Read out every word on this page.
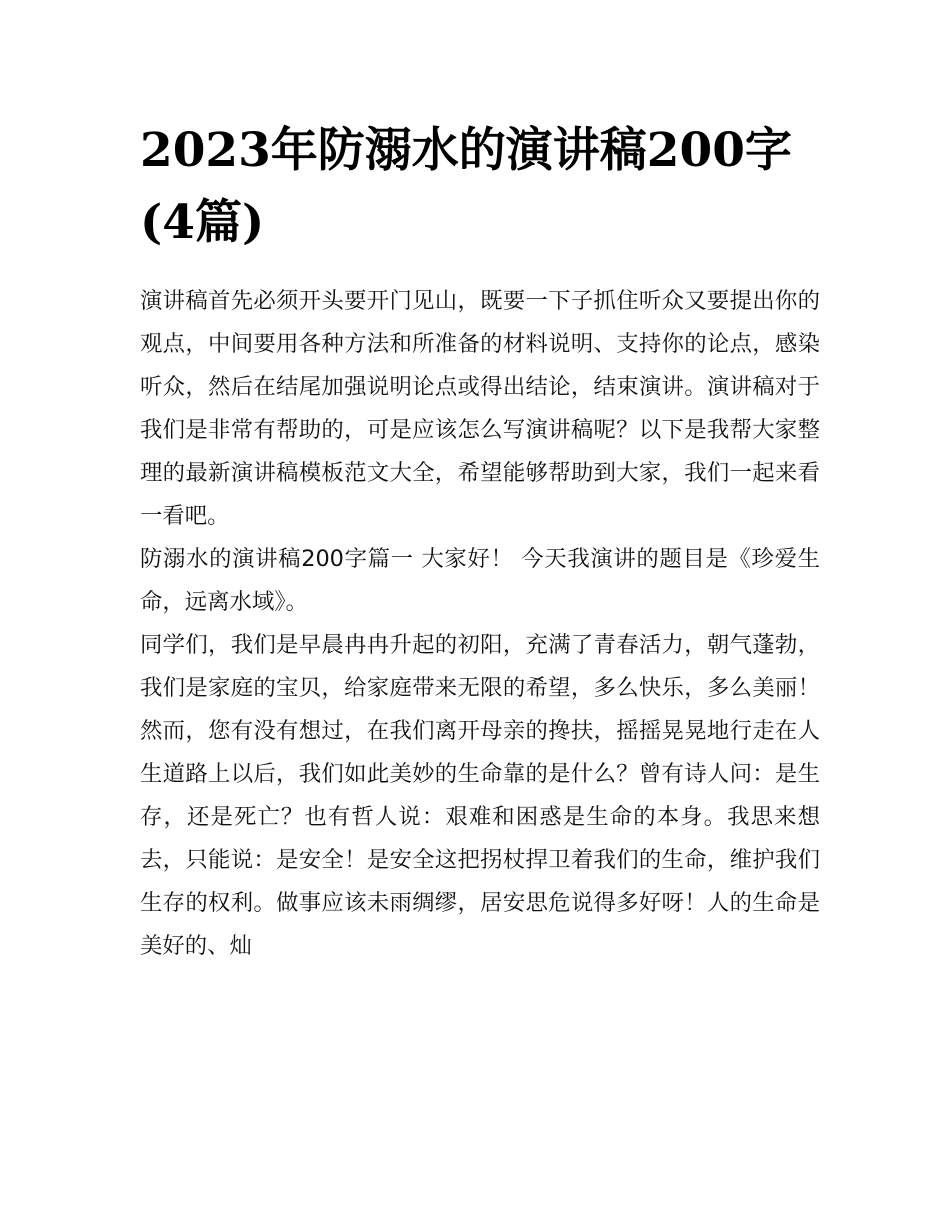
2023年防溺水的演讲稿200字(4篇)

演讲稿首先必须开头要开门见山，既要一下子抓住听众又要提出你的观点，中间要用各种方法和所准备的材料说明、支持你的论点，感染听众，然后在结尾加强说明论点或得出结论，结束演讲。演讲稿对于我们是非常有帮助的，可是应该怎么写演讲稿呢？以下是我帮大家整理的最新演讲稿模板范文大全，希望能够帮助到大家，我们一起来看一看吧。

防溺水的演讲稿200字篇一 大家好！ 今天我演讲的题目是《珍爱生命，远离水域》。

同学们，我们是早晨冉冉升起的初阳，充满了青春活力，朝气蓬勃，我们是家庭的宝贝，给家庭带来无限的希望，多么快乐，多么美丽！然而，您有没有想过，在我们离开母亲的搀扶，摇摇晃晃地行走在人生道路上以后，我们如此美妙的生命靠的是什么？曾有诗人问：是生存，还是死亡？也有哲人说：艰难和困惑是生命的本身。我思来想去，只能说：是安全！是安全这把拐杖捍卫着我们的生命，维护我们生存的权利。做事应该未雨绸缪，居安思危说得多好呀！人的生命是美好的、灿
